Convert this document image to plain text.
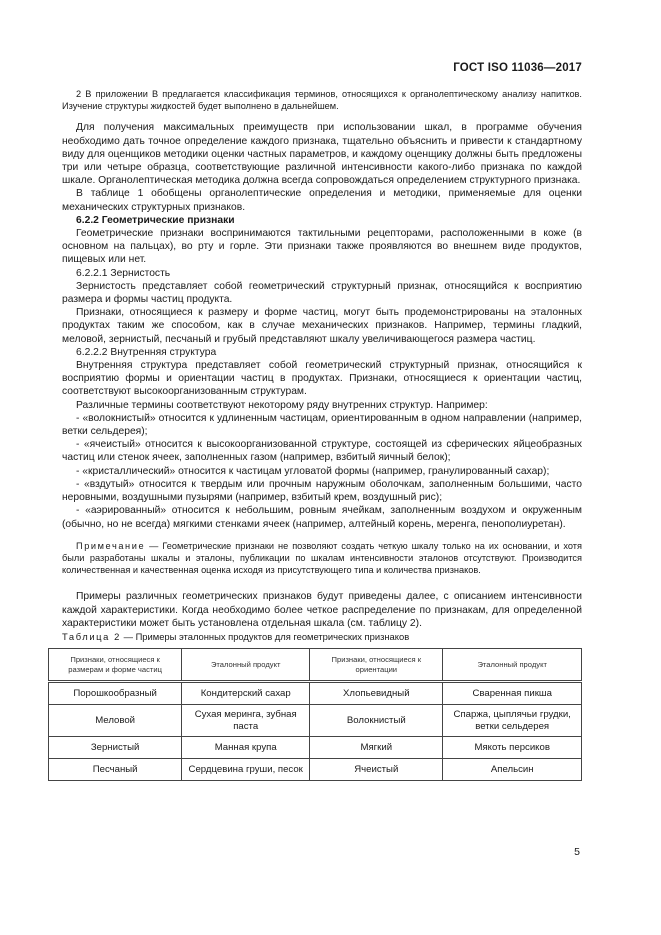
ГОСТ ISO 11036—2017

2 В приложении В предлагается классификация терминов, относящихся к органолептическому анализу напитков. Изучение структуры жидкостей будет выполнено в дальнейшем.

Для получения максимальных преимуществ при использовании шкал, в программе обучения необходимо дать точное определение каждого признака, тщательно объяснить и привести к стандартному виду для оценщиков методики оценки частных параметров, и каждому оценщику должны быть предложены три или четыре образца, соответствующие различной интенсивности какого-либо признака по каждой шкале. Органолептическая методика должна всегда сопровождаться определением структурного признака.

В таблице 1 обобщены органолептические определения и методики, применяемые для оценки механических структурных признаков.

6.2.2 Геометрические признаки

Геометрические признаки воспринимаются тактильными рецепторами, расположенными в коже (в основном на пальцах), во рту и горле. Эти признаки также проявляются во внешнем виде продуктов, пищевых или нет.

6.2.2.1 Зернистость

Зернистость представляет собой геометрический структурный признак, относящийся к восприятию размера и формы частиц продукта.

Признаки, относящиеся к размеру и форме частиц, могут быть продемонстрированы на эталонных продуктах таким же способом, как в случае механических признаков. Например, термины гладкий, меловой, зернистый, песчаный и грубый представляют шкалу увеличивающегося размера частиц.

6.2.2.2 Внутренняя структура

Внутренняя структура представляет собой геометрический структурный признак, относящийся к восприятию формы и ориентации частиц в продуктах. Признаки, относящиеся к ориентации частиц, соответствуют высокоорганизованным структурам.

Различные термины соответствуют некоторому ряду внутренних структур. Например:

- «волокнистый» относится к удлиненным частицам, ориентированным в одном направлении (например, ветки сельдерея);

- «ячеистый» относится к высокоорганизованной структуре, состоящей из сферических яйцеобразных частиц или стенок ячеек, заполненных газом (например, взбитый яичный белок);

- «кристаллический» относится к частицам угловатой формы (например, гранулированный сахар);

- «вздутый» относится к твердым или прочным наружным оболочкам, заполненным большими, часто неровными, воздушными пузырями (например, взбитый крем, воздушный рис);

- «аэрированный» относится к небольшим, ровным ячейкам, заполненным воздухом и окруженным (обычно, но не всегда) мягкими стенками ячеек (например, алтейный корень, меренга, пенополиуретан).

Примечание — Геометрические признаки не позволяют создать четкую шкалу только на их основании, и хотя были разработаны шкалы и эталоны, публикации по шкалам интенсивности эталонов отсутствуют. Производится количественная и качественная оценка исходя из присутствующего типа и количества признаков.

Примеры различных геометрических признаков будут приведены далее, с описанием интенсивности каждой характеристики. Когда необходимо более четкое распределение по признакам, для определенной характеристики может быть установлена отдельная шкала (см. таблицу 2).

Таблица 2 — Примеры эталонных продуктов для геометрических признаков

Признаки, относящиеся к размерам и форме частиц	Эталонный продукт	Признаки, относящиеся к ориентации	Эталонный продукт
Порошкообразный	Кондитерский сахар	Хлопьевидный	Сваренная пикша
Меловой	Сухая меринга, зубная паста	Волокнистый	Спаржа, цыплячьи грудки, ветки сельдерея
Зернистый	Манная крупа	Мягкий	Мякоть персиков
Песчаный	Сердцевина груши, песок	Ячеистый	Апельсин
5
